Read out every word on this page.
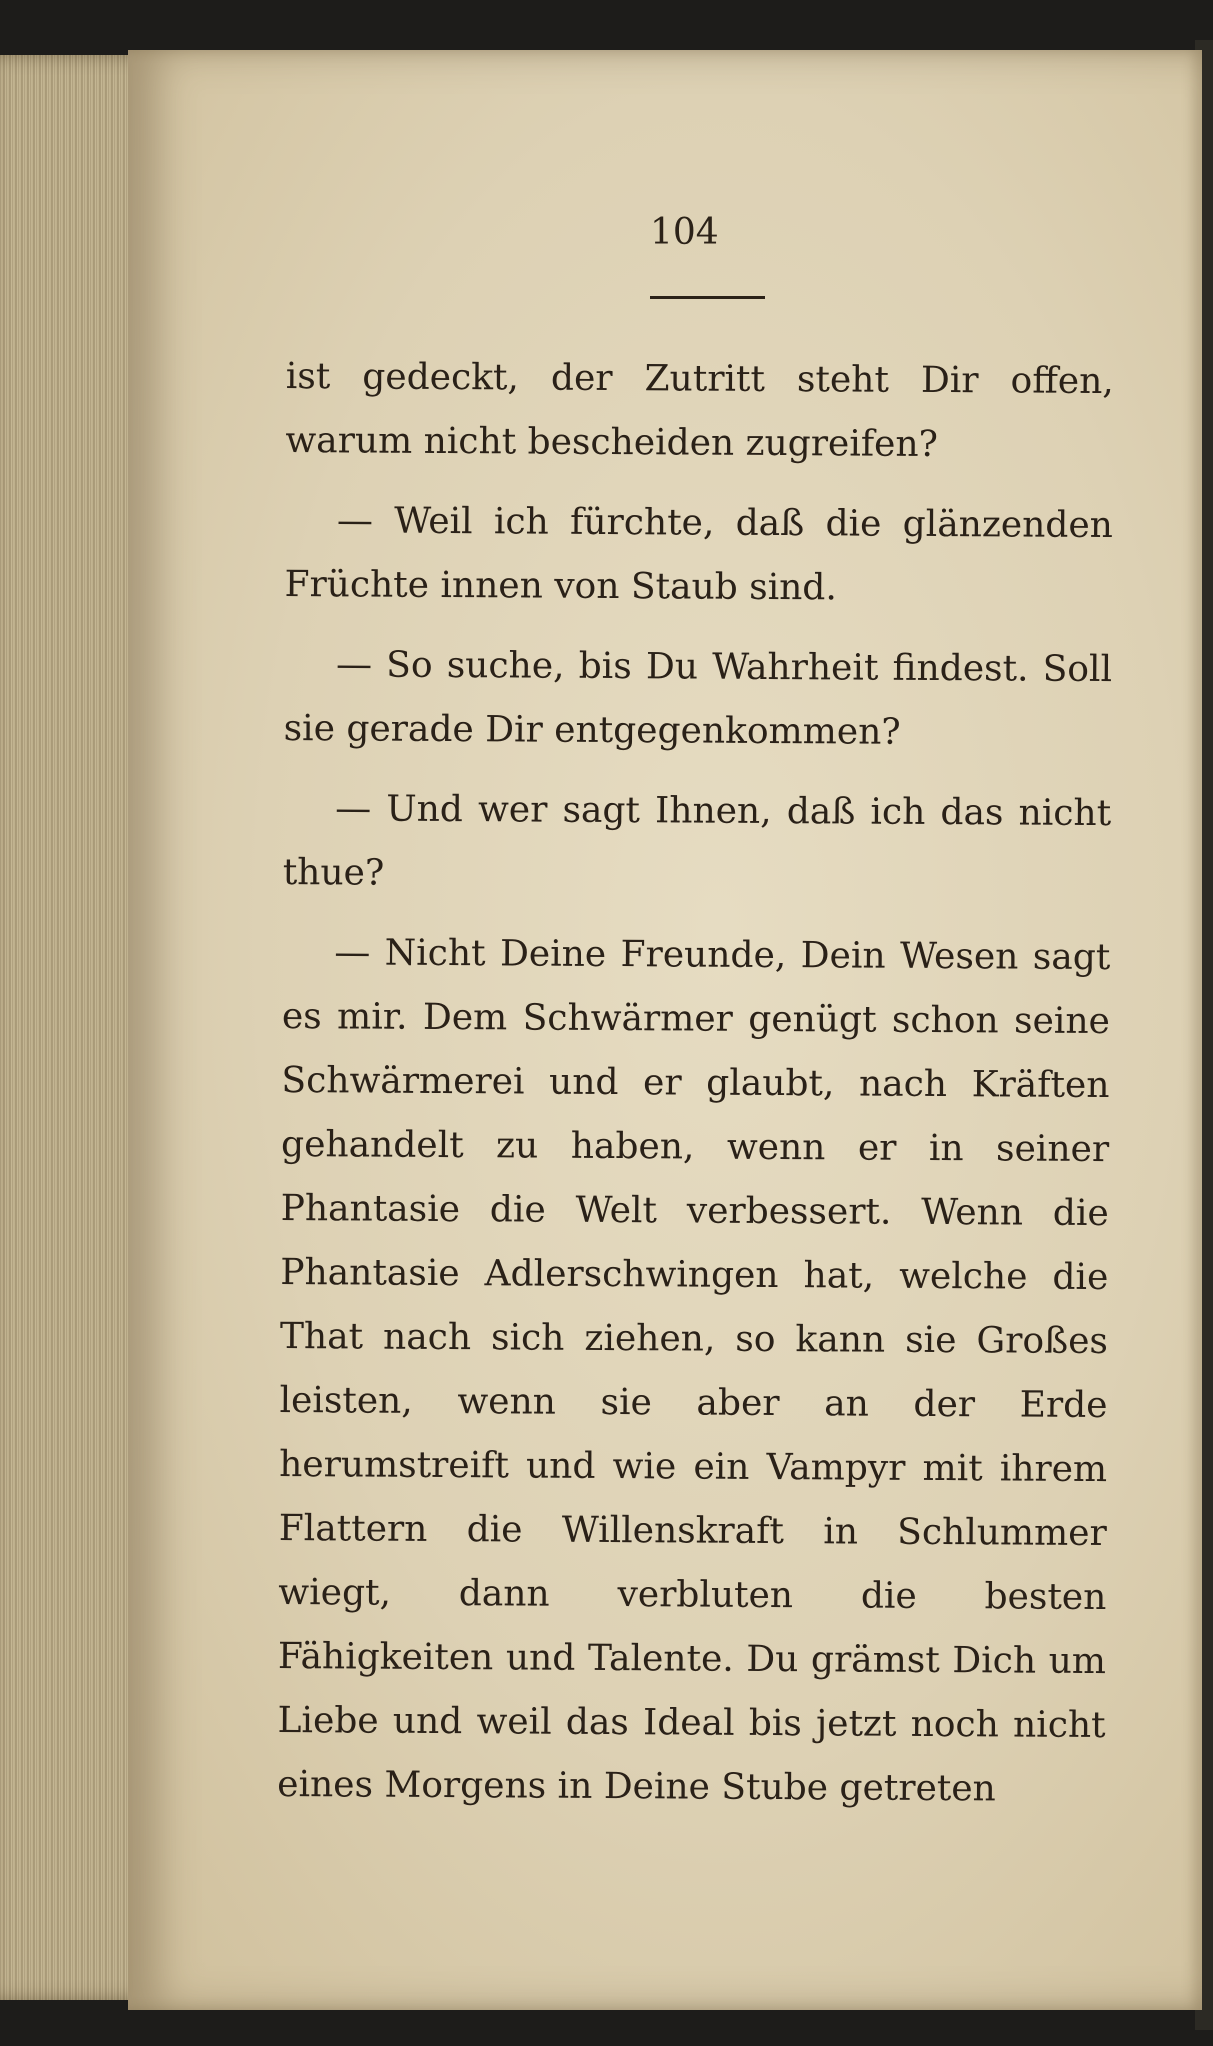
104

ist gedeckt, der Zutritt steht Dir offen, warum nicht bescheiden zugreifen?

— Weil ich fürchte, daß die glänzenden Früchte innen von Staub sind.

— So suche, bis Du Wahrheit findest. Soll sie gerade Dir entgegenkommen?

— Und wer sagt Ihnen, daß ich das nicht thue?

— Nicht Deine Freunde, Dein Wesen sagt es mir. Dem Schwärmer genügt schon seine Schwärmerei und er glaubt, nach Kräften gehandelt zu haben, wenn er in seiner Phantasie die Welt verbessert. Wenn die Phantasie Adlerschwingen hat, welche die That nach sich ziehen, so kann sie Großes leisten, wenn sie aber an der Erde herumstreift und wie ein Vampyr mit ihrem Flattern die Willenskraft in Schlummer wiegt, dann verbluten die besten Fähigkeiten und Talente. Du grämst Dich um Liebe und weil das Ideal bis jetzt noch nicht eines Morgens in Deine Stube getreten
